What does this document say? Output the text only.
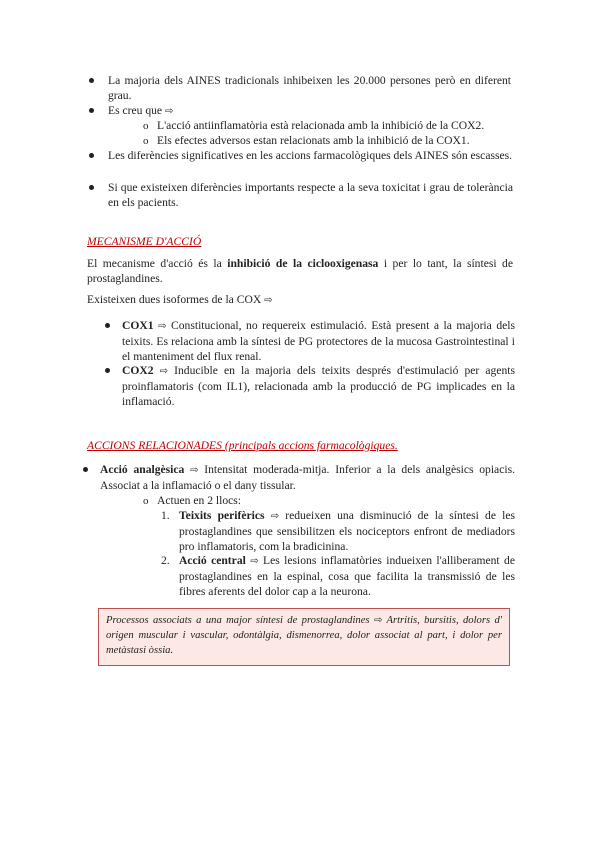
La majoria dels AINES tradicionals inhibeixen les 20.000 persones però en diferent grau.

Es creu que ⇨

o L'acció antiinflamatòria està relacionada amb la inhibició de la COX2.

o Els efectes adversos estan relacionats amb la inhibició de la COX1.

Les diferències significatives en les accions farmacològiques dels AINES són escasses.

Si que existeixen diferències importants respecte a la seva toxicitat i grau de tolerància en els pacients.

MECANISME D'ACCIÓ

El mecanisme d'acció és la inhibició de la ciclooxigenasa i per lo tant, la síntesi de prostaglandines.

Existeixen dues isoformes de la COX ⇨

COX1 ⇨ Constitucional, no requereix estimulació. Està present a la majoria dels teixits. Es relaciona amb la síntesi de PG protectores de la mucosa Gastrointestinal i el manteniment del flux renal.

COX2 ⇨ Inducible en la majoria dels teixits després d'estimulació per agents proinflamatoris (com IL1), relacionada amb la producció de PG implicades en la inflamació.

ACCIONS RELACIONADES (principals accions farmacològiques.

Acció analgèsica ⇨ Intensitat moderada-mitja. Inferior a la dels analgèsics opiacis. Associat a la inflamació o el dany tissular.

o Actuen en 2 llocs:

1. Teixits perifèrics ⇨ redueixen una disminució de la síntesi de les prostaglandines que sensibilitzen els nociceptors enfront de mediadors pro inflamatoris, com la bradicinina.

2. Acció central ⇨ Les lesions inflamatòries indueixen l'alliberament de prostaglandines en la espinal, cosa que facilita la transmissió de les fibres aferents del dolor cap a la neurona.

Processos associats a una major síntesi de prostaglandines ⇨ Artritis, bursitis, dolors d' origen muscular i vascular, odontàlgia, dismenorrea, dolor associat al part, i dolor per metàstasi òssia.
